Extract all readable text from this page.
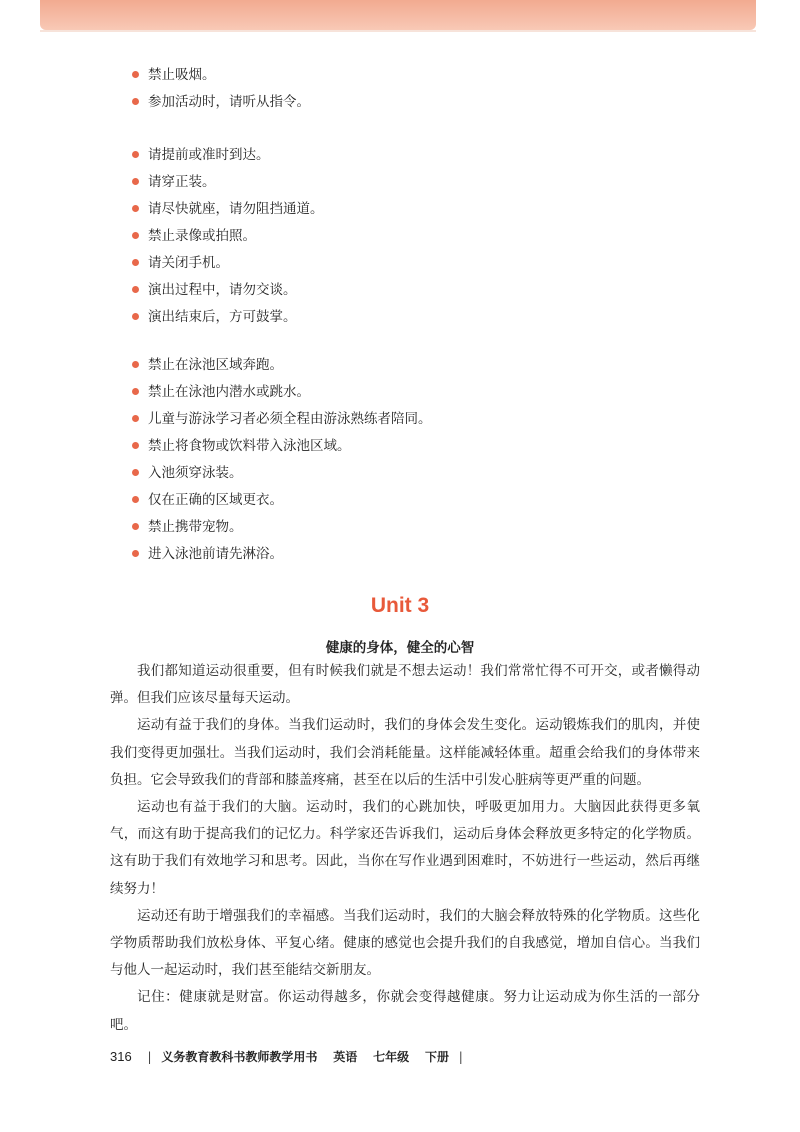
禁止吸烟。
参加活动时，请听从指令。
请提前或准时到达。
请穿正装。
请尽快就座，请勿阻挡通道。
禁止录像或拍照。
请关闭手机。
演出过程中，请勿交谈。
演出结束后，方可鼓掌。
禁止在泳池区域奔跑。
禁止在泳池内潜水或跳水。
儿童与游泳学习者必须全程由游泳熟练者陪同。
禁止将食物或饮料带入泳池区域。
入池须穿泳装。
仅在正确的区域更衣。
禁止携带宠物。
进入泳池前请先淋浴。
Unit 3
健康的身体，健全的心智

我们都知道运动很重要，但有时候我们就是不想去运动！我们常常忙得不可开交，或者懒得动弹。但我们应该尽量每天运动。

运动有益于我们的身体。当我们运动时，我们的身体会发生变化。运动锻炼我们的肌肉，并使我们变得更加强壮。当我们运动时，我们会消耗能量。这样能减轻体重。超重会给我们的身体带来负担。它会导致我们的背部和膝盖疼痛，甚至在以后的生活中引发心脏病等更严重的问题。

运动也有益于我们的大脑。运动时，我们的心跳加快，呼吸更加用力。大脑因此获得更多氧气，而这有助于提高我们的记忆力。科学家还告诉我们，运动后身体会释放更多特定的化学物质。这有助于我们有效地学习和思考。因此，当你在写作业遇到困难时，不妨进行一些运动，然后再继续努力！

运动还有助于增强我们的幸福感。当我们运动时，我们的大脑会释放特殊的化学物质。这些化学物质帮助我们放松身体、平复心绪。健康的感觉也会提升我们的自我感觉，增加自信心。当我们与他人一起运动时，我们甚至能结交新朋友。

记住：健康就是财富。你运动得越多，你就会变得越健康。努力让运动成为你生活的一部分吧。

316 | 义务教育教科书教师教学用书 英语 七年级 下册 |
